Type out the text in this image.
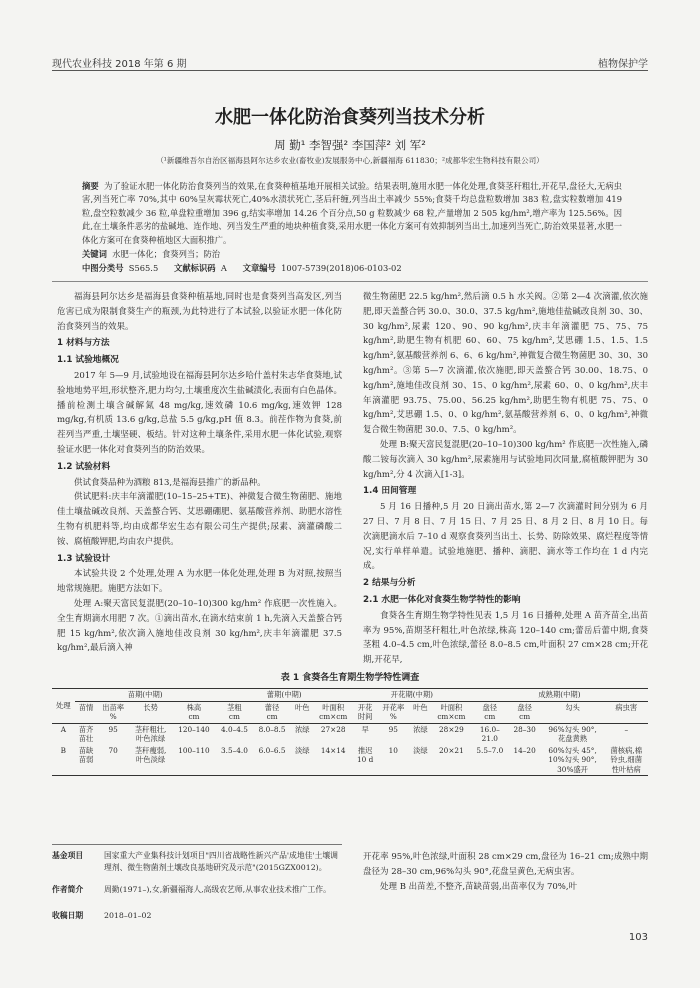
现代农业科技 2018 年第 6 期	植物保护学
水肥一体化防治食葵列当技术分析
周 勤¹ 李智强² 李国萍² 刘 军²
（¹新疆维吾尔自治区福海县阿尔达乡农业(畜牧业)发展服务中心,新疆福海 611830；²成都华宏生物科技有限公司）
摘要 为了验证水肥一体化防治食葵列当的效果,在食葵种植基地开展相关试验。结果表明,施用水肥一体化处理,食葵茎秆粗壮,开花早,盘径大,无病虫害,列当死亡率 70%,其中 60%呈灰霉状死亡,40%水渍状死亡,茎后秆缠,列当出土率减少 55%;食葵千均总盘粒数增加 383 粒,盘实粒数增加 419 粒,盘空粒数减少 36 粒,单盘粒重增加 396 g,结实率增加 14.26 个百分点,50 g 粒数减少 68 粒,产量增加 2 505 kg/hm²,增产率为 125.56%。因此,在土壤条件恶劣的盐碱地、连作地、列当发生严重的地块种植食葵,采用水肥一体化方案可有效抑制列当出土,加速列当死亡,防治效果显著,水肥一体化方案可在食葵种植地区大面积推广。
关键词 水肥一体化；食葵列当；防治
中图分类号 S565.5 文献标识码 A 文章编号 1007-5739(2018)06-0103-02

福海县阿尔达乡是福海县食葵种植基地,同时也是食葵列当高发区,列当危害已成为限制食葵生产的瓶颈,为此特进行了本试验,以验证水肥一体化防治食葵列当的效果。

1 材料与方法
1.1 试验地概况

2017 年 5—9 月,试验地设在福海县阿尔达乡哈什盖村朱志华食葵地,试验地地势平坦,形状整齐,肥力均匀,土壤重度次生盐碱渍化,表面有白色晶体。播前检测土壤含碱解氮 48 mg/kg,速效磷 10.6 mg/kg,速效钾 128 mg/kg,有机质 13.6 g/kg,总盐 5.5 g/kg,pH 值 8.3。前茬作物为食葵,前茬列当严重,土壤坚硬、板结。针对这种土壤条件,采用水肥一体化试验,观察验证水肥一体化对食葵列当的防治效果。

1.2 试验材料

供试食葵品种为酒粮 813,是福海县推广的新品种。

供试肥料:庆丰年滴灌肥(10–15–25+TE)、神微复合微生物菌肥、施地佳土壤盐碱改良剂、天盖螯合钙、艾思硼硼肥、氨基酸营养剂、助肥水溶性生物有机肥料等,均由成都华宏生态有限公司生产提供;尿素、滴灌磷酸二铵、腐植酸钾肥,均由农户提供。

1.3 试验设计

本试验共设 2 个处理,处理 A 为水肥一体化处理,处理 B 为对照,按照当地常规施肥。施肥方法如下。

处理 A:聚天富民复混肥(20–10–10)300 kg/hm² 作底肥一次性施入。全生育期滴水用肥 7 次。①滴出苗水,在滴水结束前 1 h,先滴入天盖螯合钙肥 15 kg/hm²,依次滴入施地佳改良剂 30 kg/hm²,庆丰年滴灌肥 37.5 kg/hm²,最后滴入神

微生物菌肥 22.5 kg/hm²,然后滴 0.5 h 水关阀。②第 2—4 次滴灌,依次施肥,即天盖螯合钙 30.0、30.0、37.5 kg/hm²,施地佳盐碱改良剂 30、30、30 kg/hm²,尿素 120、90、90 kg/hm²,庆丰年滴灌肥 75、75、75 kg/hm²,助肥生物有机肥 60、60、75 kg/hm²,艾思硼 1.5、1.5、1.5 kg/hm²,氨基酸营养剂 6、6、6 kg/hm²,神微复合微生物菌肥 30、30、30 kg/hm²。③第 5—7 次滴灌,依次施肥,即天盖螯合钙 30.00、18.75、0 kg/hm²,施地佳改良剂 30、15、0 kg/hm²,尿素 60、0、0 kg/hm²,庆丰年滴灌肥 93.75、75.00、56.25 kg/hm²,助肥生物有机肥 75、75、0 kg/hm²,艾思硼 1.5、0、0 kg/hm²,氨基酸营养剂 6、0、0 kg/hm²,神微复合微生物菌肥 30.0、7.5、0 kg/hm²。

处理 B:聚天富民复混肥(20–10–10)300 kg/hm² 作底肥一次性施入,磷酸二铵每次滴入 30 kg/hm²,尿素施用与试验地同次同量,腐植酸钾肥为 30 kg/hm²,分 4 次滴入[1-3]。

1.4 田间管理

5 月 16 日播种,5 月 20 日滴出苗水,第 2—7 次滴灌时间分别为 6 月 27 日、7 月 8 日、7 月 15 日、7 月 25 日、8 月 2 日、8 月 10 日。每次滴肥滴水后 7–10 d 观察食葵列当出土、长势、防除效果、腐烂程度等情况,实行单样单遣。试验地施肥、播种、滴肥、滴水等工作均在 1 d 内完成。

2 结果与分析
2.1 水肥一体化对食葵生物学特性的影响

食葵各生育期生物学特性见表 1,5 月 16 日播种,处理 A 苗齐苗全,出苗率为 95%,苗期茎秆粗壮,叶色浓绿,株高 120–140 cm;蕾岳后蕾中期,食葵茎粗 4.0–4.5 cm,叶色浓绿,蕾径 8.0–8.5 cm,叶面积 27 cm×28 cm;开花期,开花早,

表 1 食葵各生育期生物学特性调查
处理	苗期(中期)				蕾期(中期)				开花期(中期)				成熟期(中期)			
	苗情	出苗率
%	长势	株高
cm	茎粗
cm	蕾径
cm	叶色	叶面积
cm×cm	开花
时间	开花率
%	叶色	叶面积
cm×cm	盘径
cm	盘径
cm	勾头	病虫害
A	苗齐
苗壮	95	茎秆粗壮,
叶色浓绿	120–140	4.0–4.5	8.0–8.5	浓绿	27×28	早	95	浓绿	28×29	16.0–
21.0	28–30	96%勾头 90°,
花盘黄熟	–
B	苗缺
苗弱	70	茎秆瘦弱,
叶色淡绿	100–110	3.5–4.0	6.0–6.5	淡绿	14×14	推迟
10 d	10	淡绿	20×21	5.5–7.0	14–20	60%勾头 45°,
10%勾头 90°,
30%盛开	菌核病,棉
铃虫,细菌
性叶枯病
基金项目	国家重大产业集科技计划项目"四川省战略性新兴产品'成地佳'土壤调理剂、微生物菌剂土壤改良基地研究及示范"(2015GZX0012)。
作者简介	周勤(1971–),女,新疆福海人,高级农艺师,从事农业技术推广工作。
收稿日期	2018–01–02

开花率 95%,叶色浓绿,叶面积 28 cm×29 cm,盘径为 16–21 cm;成熟中期盘径为 28–30 cm,96%勾头 90°,花盘呈黄色,无病虫害。

处理 B 出苗差,不整齐,苗缺苗弱,出苗率仅为 70%,叶

103
